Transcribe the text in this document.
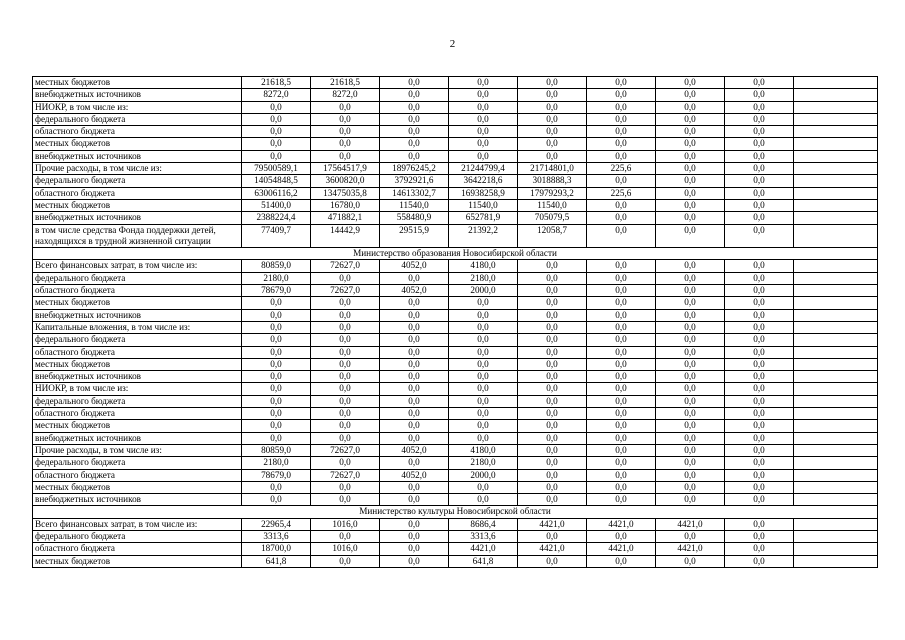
2
местных бюджетов	21618,5	21618,5	0,0	0,0	0,0	0,0	0,0	0,0	
внебюджетных источников	8272,0	8272,0	0,0	0,0	0,0	0,0	0,0	0,0	
НИОКР, в том числе из:	0,0	0,0	0,0	0,0	0,0	0,0	0,0	0,0	
федерального бюджета	0,0	0,0	0,0	0,0	0,0	0,0	0,0	0,0	
областного бюджета	0,0	0,0	0,0	0,0	0,0	0,0	0,0	0,0	
местных бюджетов	0,0	0,0	0,0	0,0	0,0	0,0	0,0	0,0	
внебюджетных источников	0,0	0,0	0,0	0,0	0,0	0,0	0,0	0,0	
Прочие расходы, в том числе из:	79500589,1	17564517,9	18976245,2	21244799,4	21714801,0	225,6	0,0	0,0	
федерального бюджета	14054848,5	3600820,0	3792921,6	3642218,6	3018888,3	0,0	0,0	0,0	
областного бюджета	63006116,2	13475035,8	14613302,7	16938258,9	17979293,2	225,6	0,0	0,0	
местных бюджетов	51400,0	16780,0	11540,0	11540,0	11540,0	0,0	0,0	0,0	
внебюджетных источников	2388224,4	471882,1	558480,9	652781,9	705079,5	0,0	0,0	0,0	
в том числе средства Фонда поддержки детей, находящихся в трудной жизненной ситуации	77409,7	14442,9	29515,9	21392,2	12058,7	0,0	0,0	0,0	
Министерство образования Новосибирской области									
Всего финансовых затрат, в том числе из:	80859,0	72627,0	4052,0	4180,0	0,0	0,0	0,0	0,0	
федерального бюджета	2180,0	0,0	0,0	2180,0	0,0	0,0	0,0	0,0	
областного бюджета	78679,0	72627,0	4052,0	2000,0	0,0	0,0	0,0	0,0	
местных бюджетов	0,0	0,0	0,0	0,0	0,0	0,0	0,0	0,0	
внебюджетных источников	0,0	0,0	0,0	0,0	0,0	0,0	0,0	0,0	
Капитальные вложения, в том числе из:	0,0	0,0	0,0	0,0	0,0	0,0	0,0	0,0	
федерального бюджета	0,0	0,0	0,0	0,0	0,0	0,0	0,0	0,0	
областного бюджета	0,0	0,0	0,0	0,0	0,0	0,0	0,0	0,0	
местных бюджетов	0,0	0,0	0,0	0,0	0,0	0,0	0,0	0,0	
внебюджетных источников	0,0	0,0	0,0	0,0	0,0	0,0	0,0	0,0	
НИОКР, в том числе из:	0,0	0,0	0,0	0,0	0,0	0,0	0,0	0,0	
федерального бюджета	0,0	0,0	0,0	0,0	0,0	0,0	0,0	0,0	
областного бюджета	0,0	0,0	0,0	0,0	0,0	0,0	0,0	0,0	
местных бюджетов	0,0	0,0	0,0	0,0	0,0	0,0	0,0	0,0	
внебюджетных источников	0,0	0,0	0,0	0,0	0,0	0,0	0,0	0,0	
Прочие расходы, в том числе из:	80859,0	72627,0	4052,0	4180,0	0,0	0,0	0,0	0,0	
федерального бюджета	2180,0	0,0	0,0	2180,0	0,0	0,0	0,0	0,0	
областного бюджета	78679,0	72627,0	4052,0	2000,0	0,0	0,0	0,0	0,0	
местных бюджетов	0,0	0,0	0,0	0,0	0,0	0,0	0,0	0,0	
внебюджетных источников	0,0	0,0	0,0	0,0	0,0	0,0	0,0	0,0	
Министерство культуры Новосибирской области									
Всего финансовых затрат, в том числе из:	22965,4	1016,0	0,0	8686,4	4421,0	4421,0	4421,0	0,0	
федерального бюджета	3313,6	0,0	0,0	3313,6	0,0	0,0	0,0	0,0	
областного бюджета	18700,0	1016,0	0,0	4421,0	4421,0	4421,0	4421,0	0,0	
местных бюджетов	641,8	0,0	0,0	641,8	0,0	0,0	0,0	0,0	
